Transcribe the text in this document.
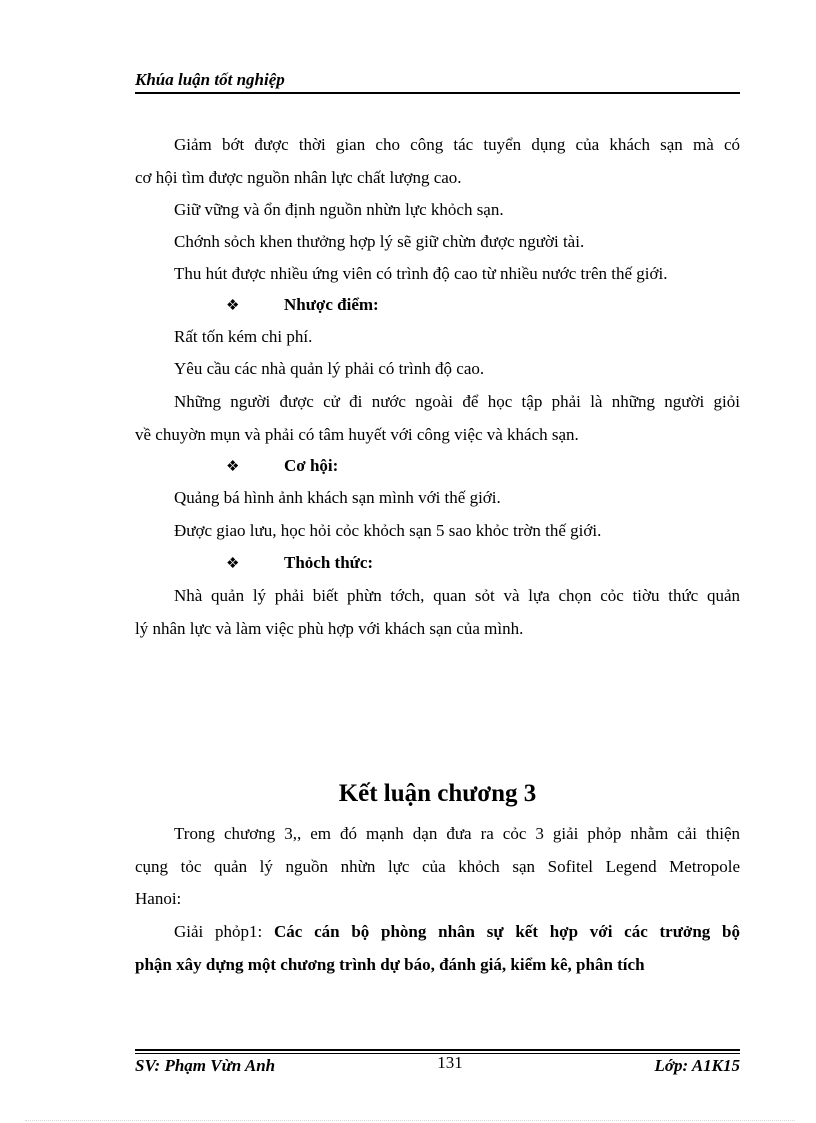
Khúa luận tốt nghiệp
Giảm bớt được thời gian cho công tác tuyển dụng của khách sạn mà có
cơ hội tìm được nguồn nhân lực chất lượng cao.
Giữ vững và ổn định nguồn nhừn lực khỏch sạn.
Chớnh sỏch khen thưởng hợp lý sẽ giữ chừn được người tài.
Thu hút được nhiều ứng viên có trình độ cao từ nhiều nước trên thế giới.
❖	Nhược điểm:
Rất tốn kém chi phí.
Yêu cầu các nhà quản lý phải có trình độ cao.
Những người được cử đi nước ngoài để học tập phải là những người giỏi
về chuyờn mụn và phải có tâm huyết với công việc và khách sạn.
❖	Cơ hội:
Quảng bá hình ảnh khách sạn mình với thế giới.
Được giao lưu, học hỏi cỏc khỏch sạn 5 sao khỏc trờn thế giới.
❖	Thỏch thức:
Nhà quản lý phải biết phừn tớch, quan sỏt và lựa chọn cỏc tiờu thức quản
lý nhân lực và làm việc phù hợp với khách sạn của mình.
Kết luận chương 3
Trong chương 3,, em đó mạnh dạn đưa ra cỏc 3 giải phỏp nhằm cải thiện
cụng tỏc quản lý nguồn nhừn lực của khỏch sạn Sofitel Legend Metropole
Hanoi:
Giải phỏp1: Các cán bộ phòng nhân sự kết hợp với các trưởng bộ
phận xây dựng một chương trình dự báo, đánh giá, kiểm kê, phân tích
SV: Phạm Vừn Anh	131	Lớp: A1K15
